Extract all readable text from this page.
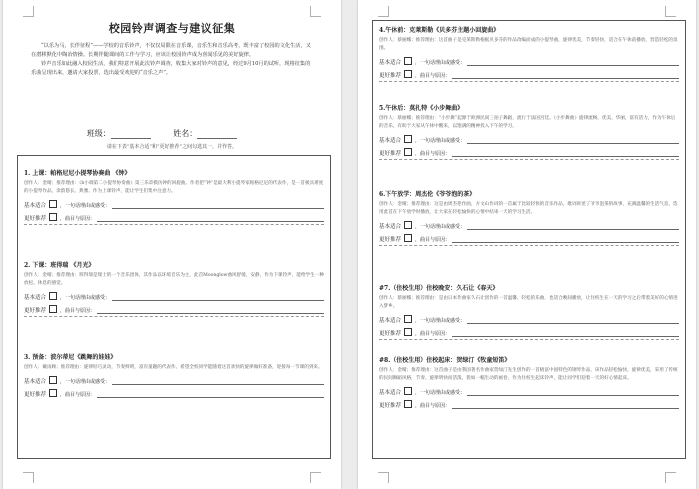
校园铃声调查与建议征集

“以乐为马，长伴征程”——学校的音乐铃声，不仅仅局限在音乐课，音乐生和音乐高考，既丰富了校园的文化生活，又在潜移默化中陶冶情操。长期伴随课间的工作与学习，应该让校园铃声成为喜闻乐见的美好旋律。

铃声音乐如此融入校园生活，我们特意开展此次铃声调查，收集大家对铃声的意见，经过9月10月的试听，现将征集的乐曲呈现出来，邀请大家投票，选出最受欢迎的“音乐之声”。

班级：	姓名：
请在下表“基本合适”和“更好推荐”之间勾选其一，并作答。
1. 上课：帕格尼尼小提琴协奏曲 《钟》
创作人：金晴；推荐理由：《b小调第二小提琴协奏曲》第三乐章模仿钟的回旋曲。作者把“钟”是最大利小提琴家帕格尼尼的代表作，是一首极具难度的小提琴作品，余韵悠长、典雅、作为上课铃声，能让学生们集中注意力。
基本适合	，一句话理由或感受：
更好推荐	，曲目与原因：
2. 下课：班得瑞 《月光》
创作人：金晴；推荐理由：班得瑞是瑞士的一个音乐团体，其作品以环境音乐为主，此首Moonglow曲风舒缓，安静，作为下课铃声，能给学生一种放松、休息的感觉。
基本适合	，一句话理由或感受：
更好推荐	，曲目与原因：
3. 预备：波尔蒂尼《跳舞的娃娃》
创作人：戴雨顾；推荐理由：旋律轻巧灵动，节奏鲜明，富有童趣的代表作。希望全校同学能随着这首欢快的旋律做好准备，迎接每一节课的到来。
基本适合	，一句话理由或感受：
更好推荐	，曲目与原因：
4.午休前：克莱斯勒《贝多芬主题小回旋曲》
创作人：蔡丽娜；推荐理由：这首曲子是克莱斯勒根据贝多芬的作品改编而成的小提琴曲，旋律优美，节奏轻快，适合在午休前播放，营造轻松的氛围。
基本适合	，一句话理由或感受：
更好推荐	，曲目与原因：
5.午休后：莫扎特《小步舞曲》
创作人：蔡丽娜；推荐理由：“小步舞”起源于欧洲民间三拍子舞蹈，流行于法国宫廷。《小步舞曲》旋律流畅、优美、华丽，富有活力，作为午休后的音乐，有助于大家从午休中醒来，以饱满的精神投入下午的学习。
基本适合	，一句话理由或感受：
更好推荐	，曲目与原因：
6.下午放学：周杰伦《爷爷泡的茶》
创作人：金晴；推荐理由：这是由周杰伦作曲，方文山作词的一首属于比较轻快的音乐作品，歌词讲述了爷爷泡茶的故事，充满温馨的生活气息，选用此首在下午放学时播放，让大家在轻松愉快的心情中结束一天的学习生活。
基本适合	，一句话理由或感受：
更好推荐	，曲目与原因：
#7.（住校生用）住校晚安：久石让《春天》
创作人：蔡丽娜；推荐理由：是由日本作曲家久石让创作的一首温馨、轻松的乐曲，也适合晚间播放，让住校生在一天的学习之后带着美好的心情进入梦乡。
基本适合	，一句话理由或感受：
更好推荐	，曲目与原因：
#8.（住校生用）住校起床：贺绿汀《牧童短笛》
创作人：金晴；推荐理由：这首曲子是由我国著名作曲家贺绿汀先生创作的一首极富中国特色的钢琴作品，该作品轻松愉快，旋律优美，采用了传统的民间舞蹈风格，节奏、旋律明快而活泼，犹如一幅生动的画卷，作为住校生起床铃声，能让同学们迎着一天的好心情起床。
基本适合	，一句话理由或感受：
更好推荐	，曲目与原因：
